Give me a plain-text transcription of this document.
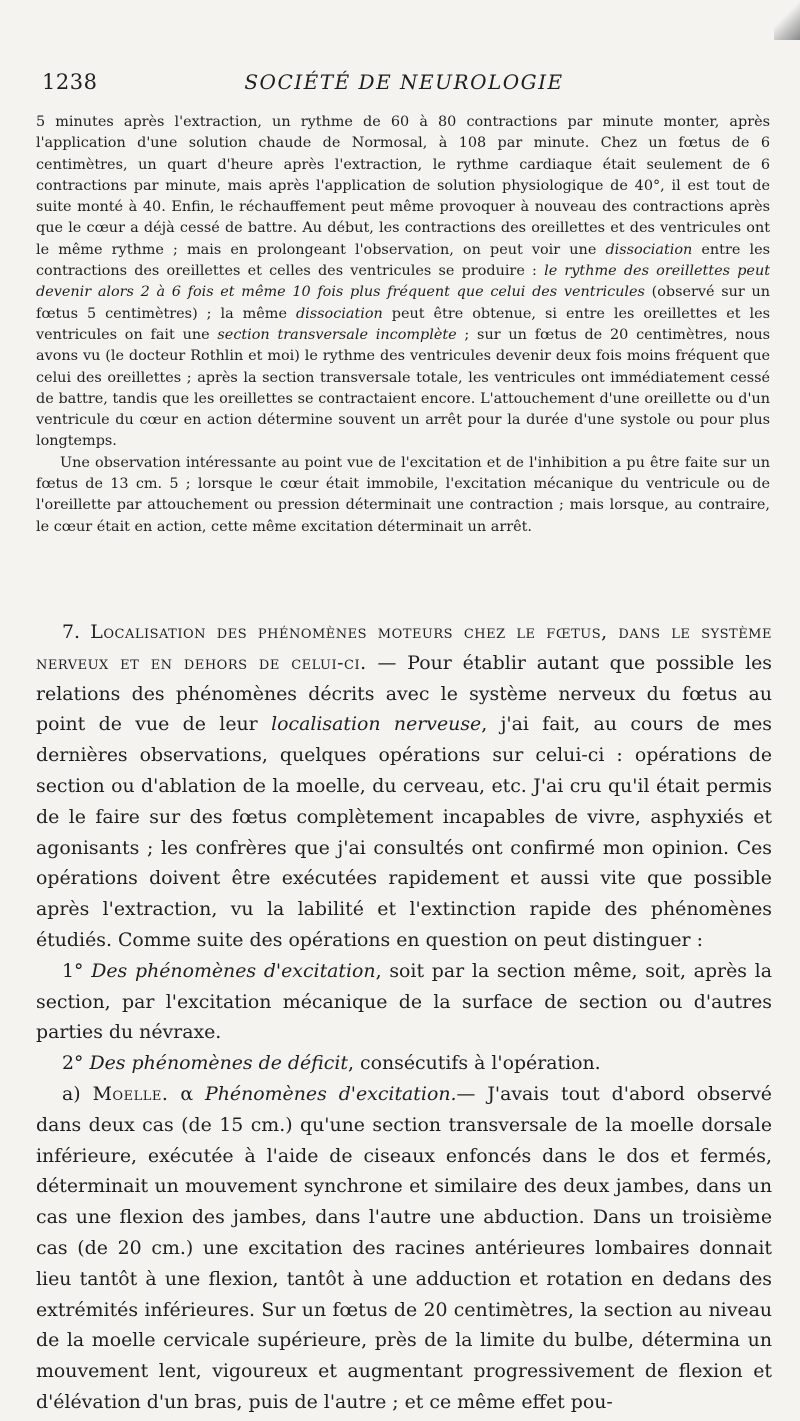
1238	SOCIÉTÉ DE NEUROLOGIE

5 minutes après l'extraction, un rythme de 60 à 80 contractions par minute monter, après l'application d'une solution chaude de Normosal, à 108 par minute. Chez un fœtus de 6 centimètres, un quart d'heure après l'extraction, le rythme cardiaque était seulement de 6 contractions par minute, mais après l'application de solution physiologique de 40°, il est tout de suite monté à 40. Enfin, le réchauffement peut même provoquer à nouveau des contractions après que le cœur a déjà cessé de battre. Au début, les contractions des oreillettes et des ventricules ont le même rythme ; mais en prolongeant l'observation, on peut voir une dissociation entre les contractions des oreillettes et celles des ventricules se produire : le rythme des oreillettes peut devenir alors 2 à 6 fois et même 10 fois plus fréquent que celui des ventricules (observé sur un fœtus 5 centimètres) ; la même dissociation peut être obtenue, si entre les oreillettes et les ventricules on fait une section transversale incomplète ; sur un fœtus de 20 centimètres, nous avons vu (le docteur Rothlin et moi) le rythme des ventricules devenir deux fois moins fréquent que celui des oreillettes ; après la section transversale totale, les ventricules ont immédiatement cessé de battre, tandis que les oreillettes se contractaient encore. L'attouchement d'une oreillette ou d'un ventricule du cœur en action détermine souvent un arrêt pour la durée d'une systole ou pour plus longtemps.

Une observation intéressante au point vue de l'excitation et de l'inhibition a pu être faite sur un fœtus de 13 cm. 5 ; lorsque le cœur était immobile, l'excitation mécanique du ventricule ou de l'oreillette par attouchement ou pression déterminait une contraction ; mais lorsque, au contraire, le cœur était en action, cette même excitation déterminait un arrêt.

7. Localisation des phénomènes moteurs chez le fœtus, dans le système nerveux et en dehors de celui-ci. — Pour établir autant que possible les relations des phénomènes décrits avec le système nerveux du fœtus au point de vue de leur localisation nerveuse, j'ai fait, au cours de mes dernières observations, quelques opérations sur celui-ci : opérations de section ou d'ablation de la moelle, du cerveau, etc. J'ai cru qu'il était permis de le faire sur des fœtus complètement incapables de vivre, asphyxiés et agonisants ; les confrères que j'ai consultés ont confirmé mon opinion. Ces opérations doivent être exécutées rapidement et aussi vite que possible après l'extraction, vu la labilité et l'extinction rapide des phénomènes étudiés. Comme suite des opérations en question on peut distinguer :

1° Des phénomènes d'excitation, soit par la section même, soit, après la section, par l'excitation mécanique de la surface de section ou d'autres parties du névraxe.

2° Des phénomènes de déficit, consécutifs à l'opération.

a) Moelle. α Phénomènes d'excitation.— J'avais tout d'abord observé dans deux cas (de 15 cm.) qu'une section transversale de la moelle dorsale inférieure, exécutée à l'aide de ciseaux enfoncés dans le dos et fermés, déterminait un mouvement synchrone et similaire des deux jambes, dans un cas une flexion des jambes, dans l'autre une abduction. Dans un troisième cas (de 20 cm.) une excitation des racines antérieures lombaires donnait lieu tantôt à une flexion, tantôt à une adduction et rotation en dedans des extrémités inférieures. Sur un fœtus de 20 centimètres, la section au niveau de la moelle cervicale supérieure, près de la limite du bulbe, détermina un mouvement lent, vigoureux et augmentant progressivement de flexion et d'élévation d'un bras, puis de l'autre ; et ce même effet pou-
